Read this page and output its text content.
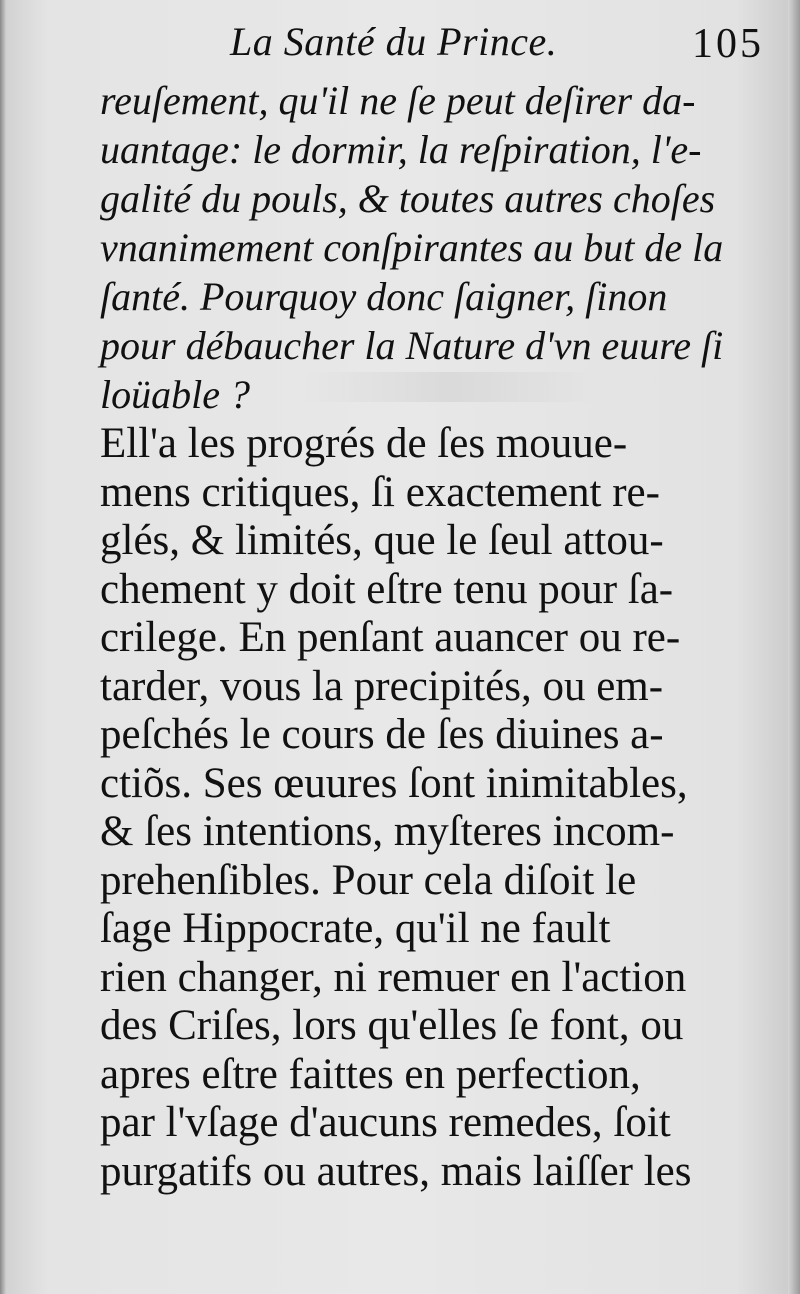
La Santé du Prince.	105
reuſement, qu'il ne ſe peut deſirer da-
uantage: le dormir, la reſpiration, l'e-
galité du pouls, & toutes autres choſes
vnanimement conſpirantes au but de la
ſanté. Pourquoy donc ſaigner, ſinon
pour débaucher la Nature d'vn euure ſi
loüable ?
Ell'a les progrés de ſes mouue-
mens critiques, ſi exactement re-
glés, & limités, que le ſeul attou-
chement y doit eſtre tenu pour ſa-
crilege. En penſant auancer ou re-
tarder, vous la precipités, ou em-
peſchés le cours de ſes diuines a-
ctiõs. Ses œuures ſont inimitables,
& ſes intentions, myſteres incom-
prehenſibles. Pour cela diſoit le
ſage Hippocrate, qu'il ne fault
rien changer, ni remuer en l'action
des Criſes, lors qu'elles ſe font, ou
apres eſtre faittes en perfection,
par l'vſage d'aucuns remedes, ſoit
purgatifs ou autres, mais laiſſer les
